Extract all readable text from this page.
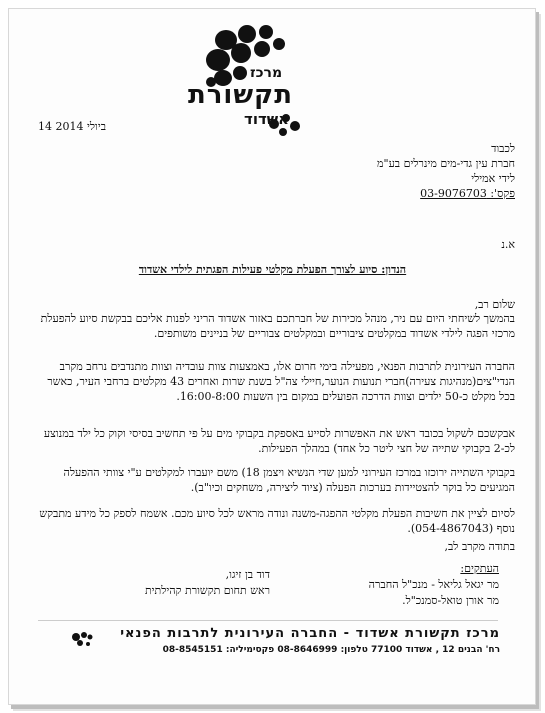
מרכז
תקשורת
אשדוד
14 ביולי 2014
לכבוד
חברת עין גדי-מים מינרלים בע"מ
לידי אמילי
פקס': 03-9076703
א.נ
הנדון: סיוע לצורך הפעלת מקלטי פעילות הפגתית לילדי אשדוד
שלום רב,
בהמשך לשיחתי היום עם ניר, מנהל מכירות של חברתכם באזור אשדוד הריני לפנות אליכם בבקשת סיוע להפעלת מרכזי הפגה לילדי אשדוד במקלטים ציבוריים ובמקלטים צבוריים של בניינים משותפים.
החברה העירונית לתרבות הפנאי, מפעילה בימי חרום אלו, באמצעות צוות עובדיה וצוות מתנדבים נרחב מקרב הנדי"צים(מנהיגות צעירה)חברי תנועות הנוער,חיילי צה"ל בשנת שרות ואחרים 43 מקלטים ברחבי העיר, כאשר בכל מקלט כ-50 ילדים וצוות הדרכה הפועלים במקום בין השעות 16:00-8:00.
אבקשכם לשקול בכובד ראש את האפשרות לסייע באספקת בקבוקי מים על פי תחשיב בסיסי וקוק כל ילד במנוצע לכ-2 בקבוקי שתייה של חצי ליטר כל אחד) במהלך הפעילות.
בקבוקי השתייה ירוכזו במרכז העירוני למען שדי הנשיא ויצמן 18) משם יועברו למקלטים ע"י צוותי ההפעלה המגיעים כל בוקר להצטיידות בערכות הפעלה (ציוד ליצירה, משחקים וכיו"ב).
לסיום לציין את חשיבות הפעלת מקלטי ההפגה-משנה ונודה מראש לכל סיוע מכם. אשמח לספק כל מידע מתבקש נוסף (054-4867043).
בתודה מקרב לב,
העתקים:
מר יגאל גליאל - מנכ"ל החברה
מר אורן טואל-סמנכ"ל.
דוד בן זיגו,
ראש תחום תקשורת קהילתית
מרכז תקשורת אשדוד - החברה העירונית לתרבות הפנאי
רח' הבנים 12 , אשדוד 77100 טלפון: 08-8646999 פקסימיליה: 08-8545151
